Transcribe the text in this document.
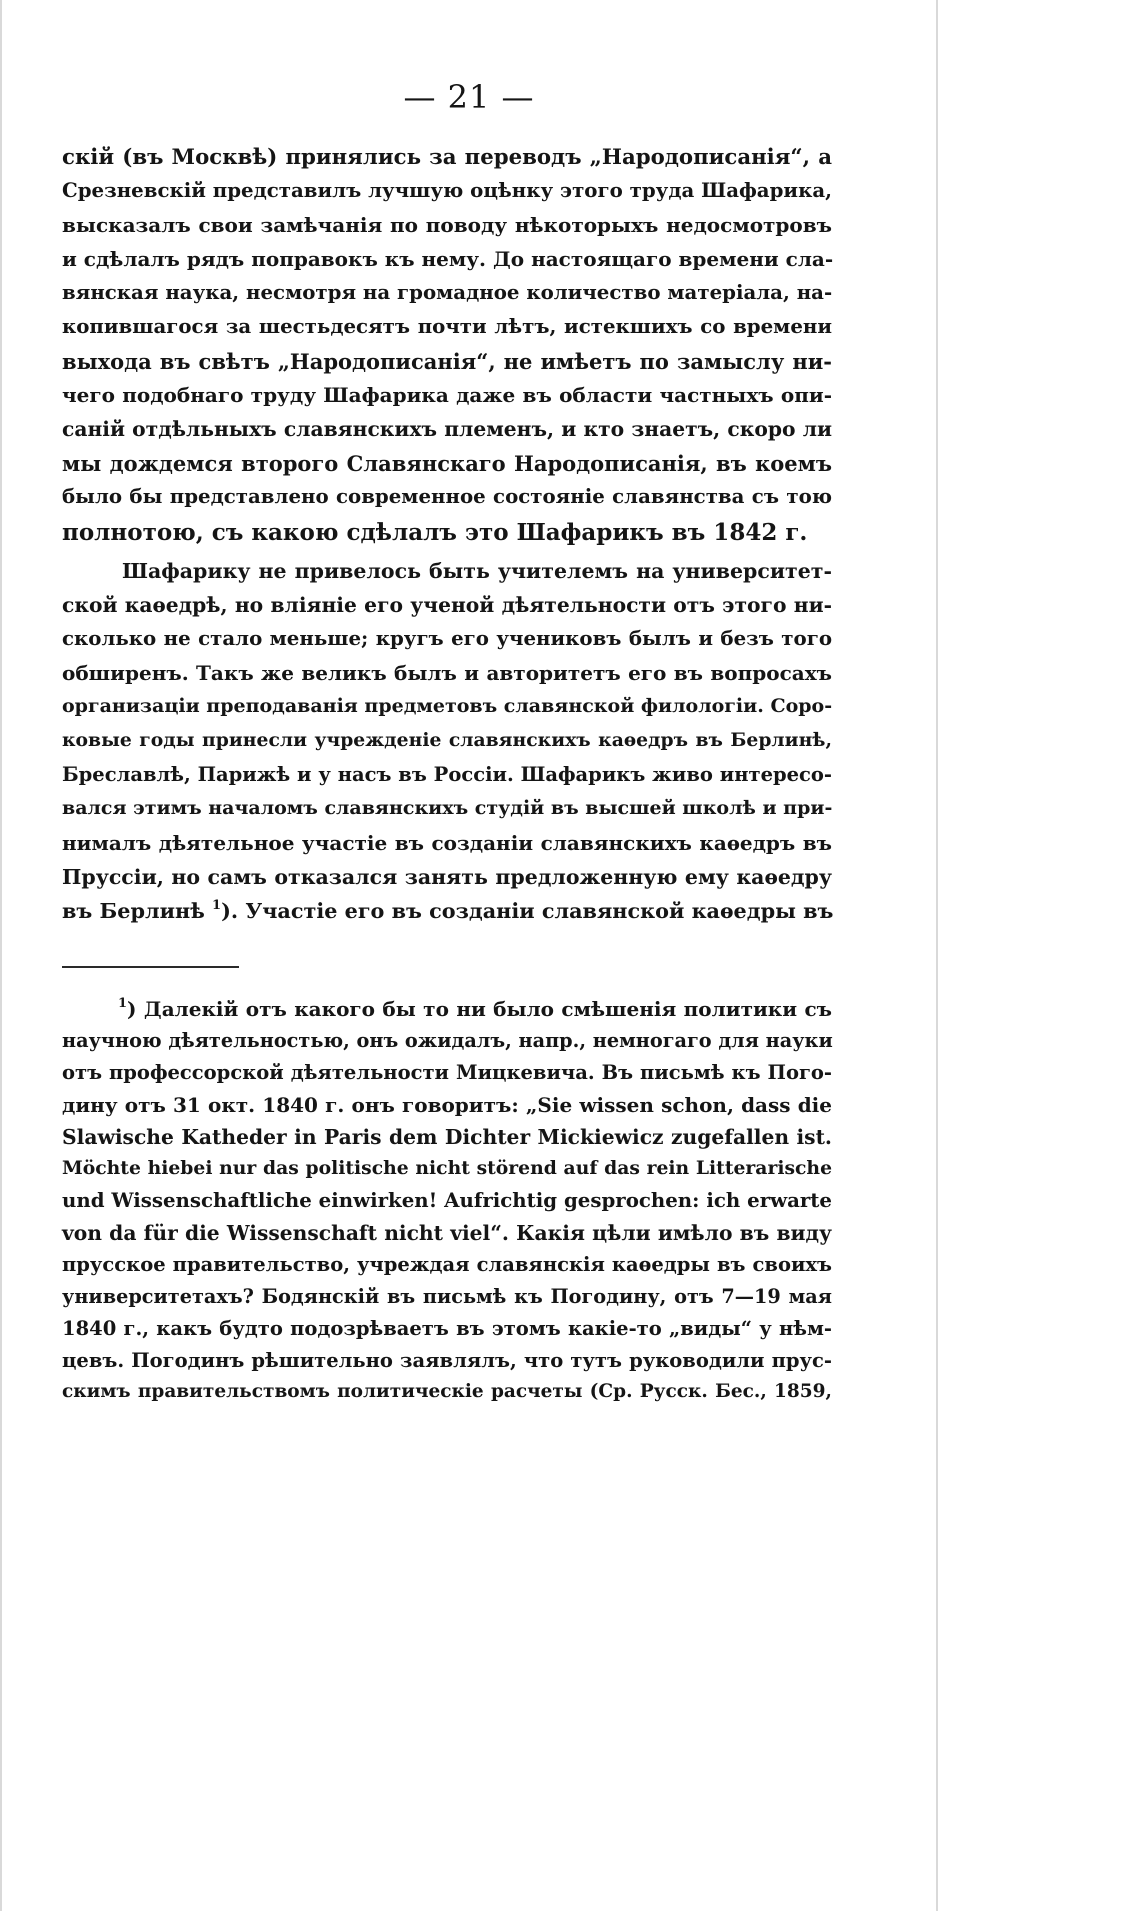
— 21 —
скій (въ Москвѣ) принялись за переводъ „Народописанія“, а
Срезневскій представилъ лучшую оцѣнку этого труда Шафарика,
высказалъ свои замѣчанія по поводу нѣкоторыхъ недосмотровъ
и сдѣлалъ рядъ поправокъ къ нему. До настоящаго времени сла-
вянская наука, несмотря на громадное количество матеріала, на-
копившагося за шестьдесятъ почти лѣтъ, истекшихъ со времени
выхода въ свѣтъ „Народописанія“, не имѣетъ по замыслу ни-
чего подобнаго труду Шафарика даже въ области частныхъ опи-
саній отдѣльныхъ славянскихъ племенъ, и кто знаетъ, скоро ли
мы дождемся второго Славянскаго Народописанія, въ коемъ
было бы представлено современное состояніе славянства съ тою
полнотою, съ какою сдѣлалъ это Шафарикъ въ 1842 г.
Шафарику не привелось быть учителемъ на университет-
ской каѳедрѣ, но вліяніе его ученой дѣятельности отъ этого ни-
сколько не стало меньше; кругъ его учениковъ былъ и безъ того
обширенъ. Такъ же великъ былъ и авторитетъ его въ вопросахъ
организаціи преподаванія предметовъ славянской филологіи. Соро-
ковые годы принесли учрежденіе славянскихъ каѳедръ въ Берлинѣ,
Бреславлѣ, Парижѣ и у насъ въ Россіи. Шафарикъ живо интересо-
вался этимъ началомъ славянскихъ студій въ высшей школѣ и при-
нималъ дѣятельное участіе въ созданіи славянскихъ каѳедръ въ
Пруссіи, но самъ отказался занять предложенную ему каѳедру
въ Берлинѣ $^1$). Участіе его въ созданіи славянской каѳедры въ
$^1$) Далекій отъ какого бы то ни было смѣшенія политики съ
научною дѣятельностью, онъ ожидалъ, напр., немногаго для науки
отъ профессорской дѣятельности Мицкевича. Въ письмѣ къ Пого-
дину отъ 31 окт. 1840 г. онъ говоритъ: „Sie wissen schon, dass die
Slawische Katheder in Paris dem Dichter Mickiewicz zugefallen ist.
Möchte hiebei nur das politische nicht störend auf das rein Litterarische
und Wissenschaftliche einwirken! Aufrichtig gesprochen: ich erwarte
von da für die Wissenschaft nicht viel“. Какія цѣли имѣло въ виду
прусское правительство, учреждая славянскія каѳедры въ своихъ
университетахъ? Бодянскій въ письмѣ къ Погодину, отъ 7—19 мая
1840 г., какъ будто подозрѣваетъ въ этомъ какіе-то „виды“ у нѣм-
цевъ. Погодинъ рѣшительно заявлялъ, что тутъ руководили прус-
скимъ правительствомъ политическіе расчеты (Ср. Русск. Бес., 1859,
